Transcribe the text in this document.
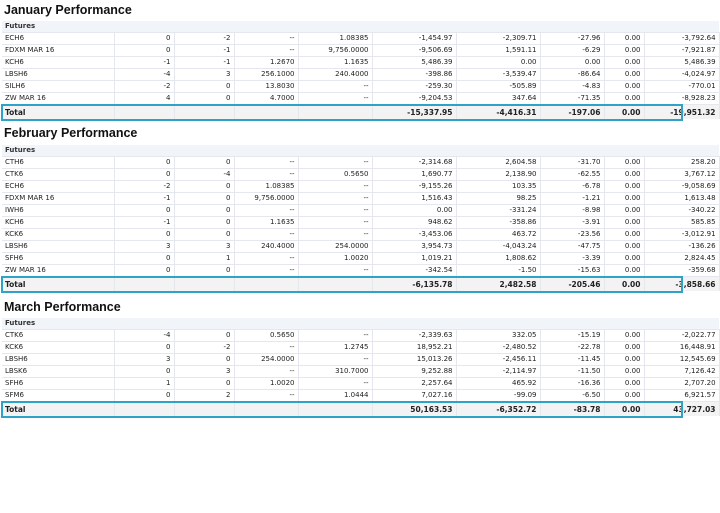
January Performance
Futures									
ECH6	0	-2	--	1.08385	-1,454.97	-2,309.71	-27.96	0.00	-3,792.64
FDXM MAR 16	0	-1	--	9,756.0000	-9,506.69	1,591.11	-6.29	0.00	-7,921.87
KCH6	-1	-1	1.2670	1.1635	5,486.39	0.00	0.00	0.00	5,486.39
LBSH6	-4	3	256.1000	240.4000	-398.86	-3,539.47	-86.64	0.00	-4,024.97
SILH6	-2	0	13.8030	--	-259.30	-505.89	-4.83	0.00	-770.01
ZW MAR 16	4	0	4.7000	--	-9,204.53	347.64	-71.35	0.00	-8,928.23
Total					-15,337.95	-4,416.31	-197.06	0.00	-19,951.32
February Performance
Futures									
CTH6	0	0	--	--	-2,314.68	2,604.58	-31.70	0.00	258.20
CTK6	0	-4	--	0.5650	1,690.77	2,138.90	-62.55	0.00	3,767.12
ECH6	-2	0	1.08385	--	-9,155.26	103.35	-6.78	0.00	-9,058.69
FDXM MAR 16	-1	0	9,756.0000	--	1,516.43	98.25	-1.21	0.00	1,613.48
IWH6	0	0	--	--	0.00	-331.24	-8.98	0.00	-340.22
KCH6	-1	0	1.1635	--	948.62	-358.86	-3.91	0.00	585.85
KCK6	0	0	--	--	-3,453.06	463.72	-23.56	0.00	-3,012.91
LBSH6	3	3	240.4000	254.0000	3,954.73	-4,043.24	-47.75	0.00	-136.26
SFH6	0	1	--	1.0020	1,019.21	1,808.62	-3.39	0.00	2,824.45
ZW MAR 16	0	0	--	--	-342.54	-1.50	-15.63	0.00	-359.68
Total					-6,135.78	2,482.58	-205.46	0.00	-3,858.66
March Performance
Futures									
CTK6	-4	0	0.5650	--	-2,339.63	332.05	-15.19	0.00	-2,022.77
KCK6	0	-2	--	1.2745	18,952.21	-2,480.52	-22.78	0.00	16,448.91
LBSH6	3	0	254.0000	--	15,013.26	-2,456.11	-11.45	0.00	12,545.69
LBSK6	0	3	--	310.7000	9,252.88	-2,114.97	-11.50	0.00	7,126.42
SFH6	1	0	1.0020	--	2,257.64	465.92	-16.36	0.00	2,707.20
SFM6	0	2	--	1.0444	7,027.16	-99.09	-6.50	0.00	6,921.57
Total					50,163.53	-6,352.72	-83.78	0.00	43,727.03
